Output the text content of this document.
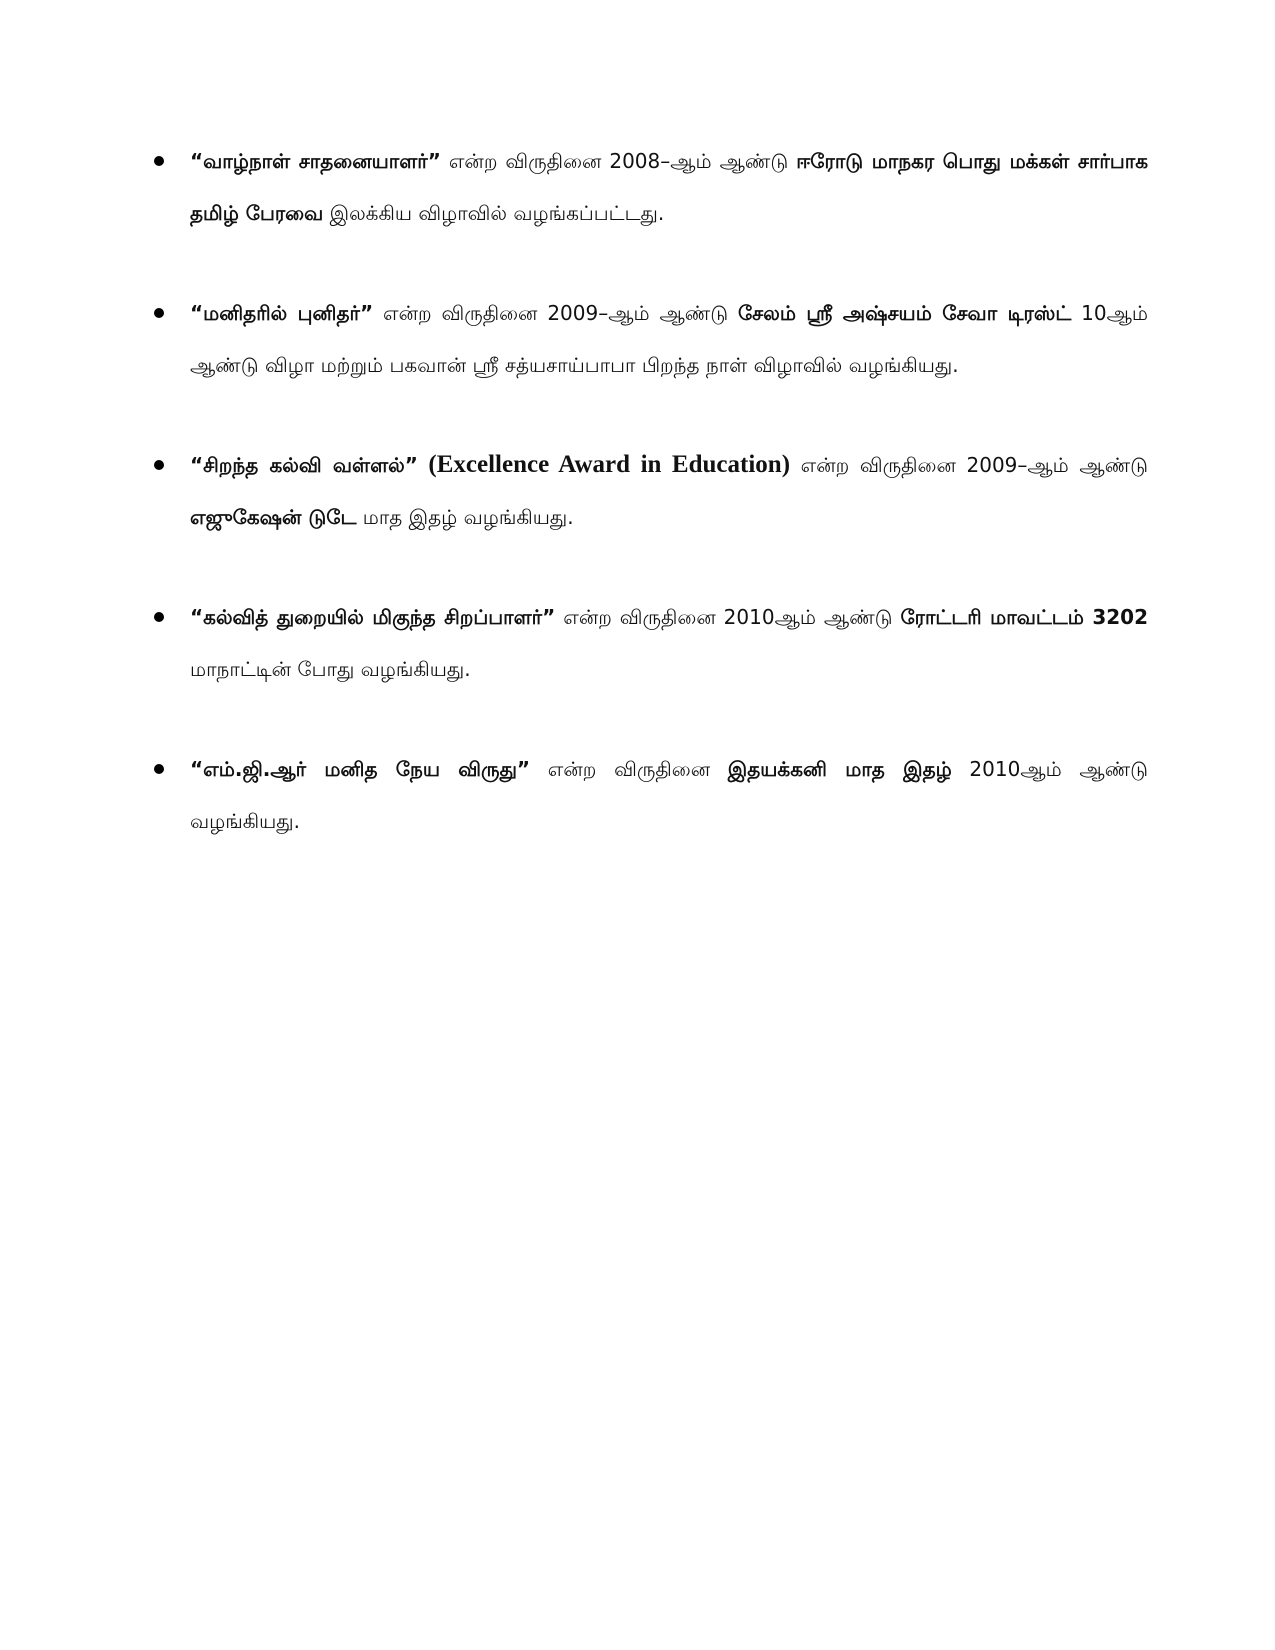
“வாழ்நாள் சாதனையாளர்” என்ற விருதினை 2008–ஆம் ஆண்டு ஈரோடு மாநகர பொது மக்கள் சார்பாக தமிழ் பேரவை இலக்கிய விழாவில் வழங்கப்பட்டது.
“மனிதரில் புனிதர்” என்ற விருதினை 2009–ஆம் ஆண்டு சேலம் ஸ்ரீ அஷ்சயம் சேவா டிரஸ்ட் 10ஆம் ஆண்டு விழா மற்றும் பகவான் ஸ்ரீ சத்யசாய்பாபா பிறந்த நாள் விழாவில் வழங்கியது.
“சிறந்த கல்வி வள்ளல்” (Excellence Award in Education) என்ற விருதினை 2009–ஆம் ஆண்டு எஜுகேஷன் டுடே மாத இதழ் வழங்கியது.
“கல்வித் துறையில் மிகுந்த சிறப்பாளர்” என்ற விருதினை 2010ஆம் ஆண்டு ரோட்டரி மாவட்டம் 3202 மாநாட்டின் போது வழங்கியது.
“எம்.ஜி.ஆர் மனித நேய விருது” என்ற விருதினை இதயக்கனி மாத இதழ் 2010ஆம் ஆண்டு வழங்கியது.
